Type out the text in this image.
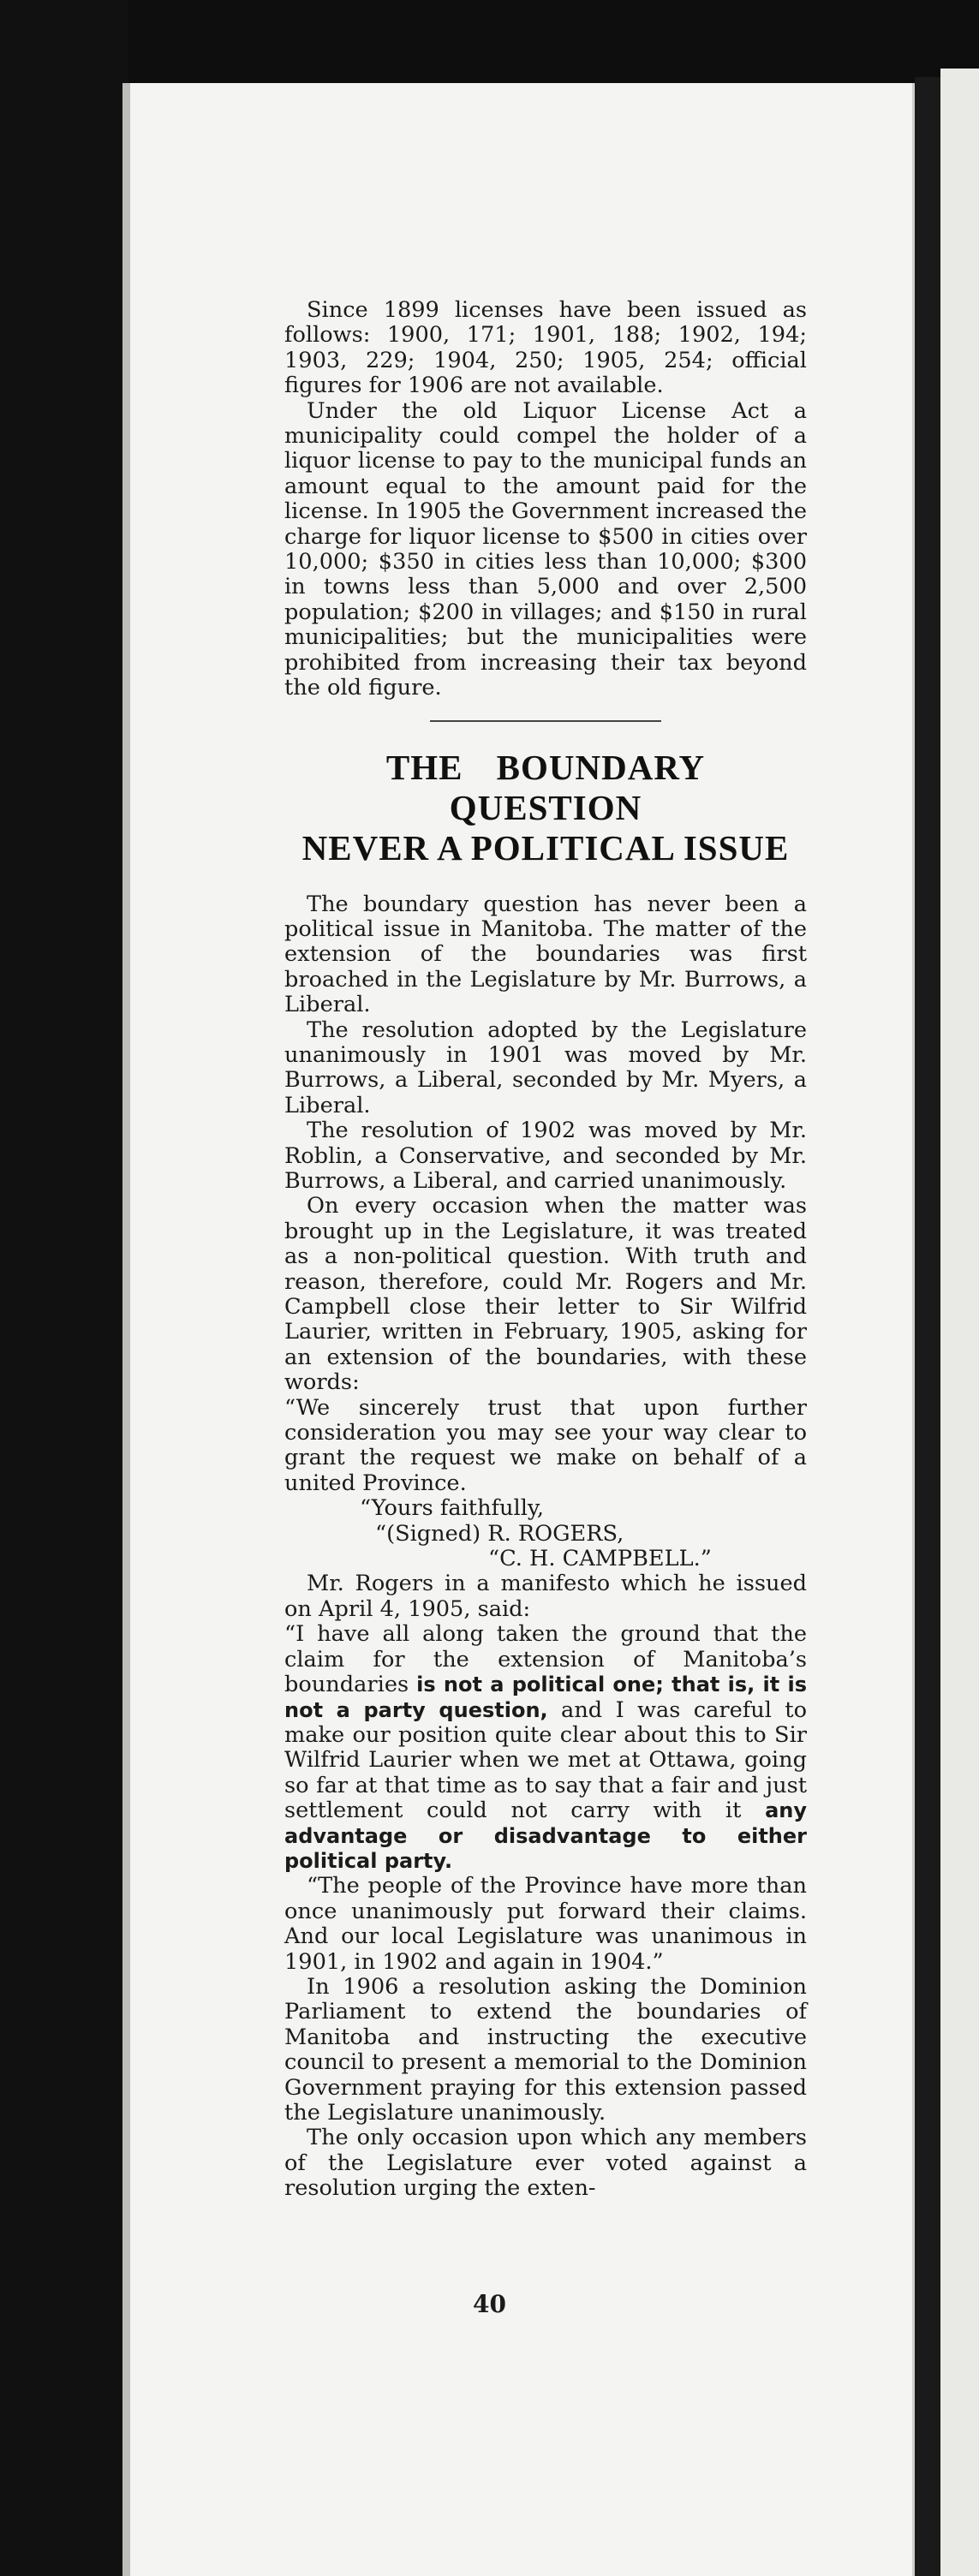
Since 1899 licenses have been issued as follows: 1900, 171; 1901, 188; 1902, 194; 1903, 229; 1904, 250; 1905, 254; official figures for 1906 are not available.

Under the old Liquor License Act a municipality could compel the holder of a liquor license to pay to the municipal funds an amount equal to the amount paid for the license. In 1905 the Government increased the charge for liquor license to $500 in cities over 10,000; $350 in cities less than 10,000; $300 in towns less than 5,000 and over 2,500 population; $200 in villages; and $150 in rural municipalities; but the municipalities were prohibited from increasing their tax beyond the old figure.

THE BOUNDARY QUESTION
NEVER A POLITICAL ISSUE

The boundary question has never been a political issue in Manitoba. The matter of the extension of the boundaries was first broached in the Legislature by Mr. Burrows, a Liberal.

The resolution adopted by the Legislature unanimously in 1901 was moved by Mr. Burrows, a Liberal, seconded by Mr. Myers, a Liberal.

The resolution of 1902 was moved by Mr. Roblin, a Conservative, and seconded by Mr. Burrows, a Liberal, and carried unanimously.

On every occasion when the matter was brought up in the Legislature, it was treated as a non-political question. With truth and reason, therefore, could Mr. Rogers and Mr. Campbell close their letter to Sir Wilfrid Laurier, written in February, 1905, asking for an extension of the boundaries, with these words:

“We sincerely trust that upon further consideration you may see your way clear to grant the request we make on behalf of a united Province.

“Yours faithfully,

“(Signed) R. ROGERS,

“C. H. CAMPBELL.”

Mr. Rogers in a manifesto which he issued on April 4, 1905, said:

“I have all along taken the ground that the claim for the extension of Manitoba’s boundaries is not a political one; that is, it is not a party question, and I was careful to make our position quite clear about this to Sir Wilfrid Laurier when we met at Ottawa, going so far at that time as to say that a fair and just settlement could not carry with it any advantage or disadvantage to either political party.

“The people of the Province have more than once unanimously put forward their claims. And our local Legislature was unanimous in 1901, in 1902 and again in 1904.”

In 1906 a resolution asking the Dominion Parliament to extend the boundaries of Manitoba and instructing the executive council to present a memorial to the Dominion Government praying for this extension passed the Legislature unanimously.

The only occasion upon which any members of the Legislature ever voted against a resolution urging the exten-

40
